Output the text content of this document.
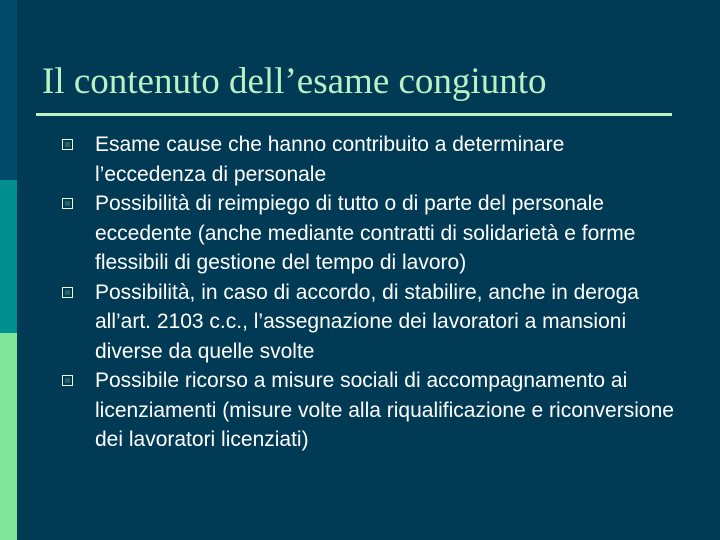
Il contenuto dell’esame congiunto
Esame cause che hanno contribuito a determinare l’eccedenza di personale
Possibilità di reimpiego di tutto o di parte del personale eccedente (anche mediante contratti di solidarietà e forme flessibili di gestione del tempo di lavoro)
Possibilità, in caso di accordo, di stabilire, anche in deroga all’art. 2103 c.c., l’assegnazione dei lavoratori a mansioni diverse da quelle svolte
Possibile ricorso a misure sociali di accompagnamento ai licenziamenti (misure volte alla riqualificazione e riconversione dei lavoratori licenziati)
